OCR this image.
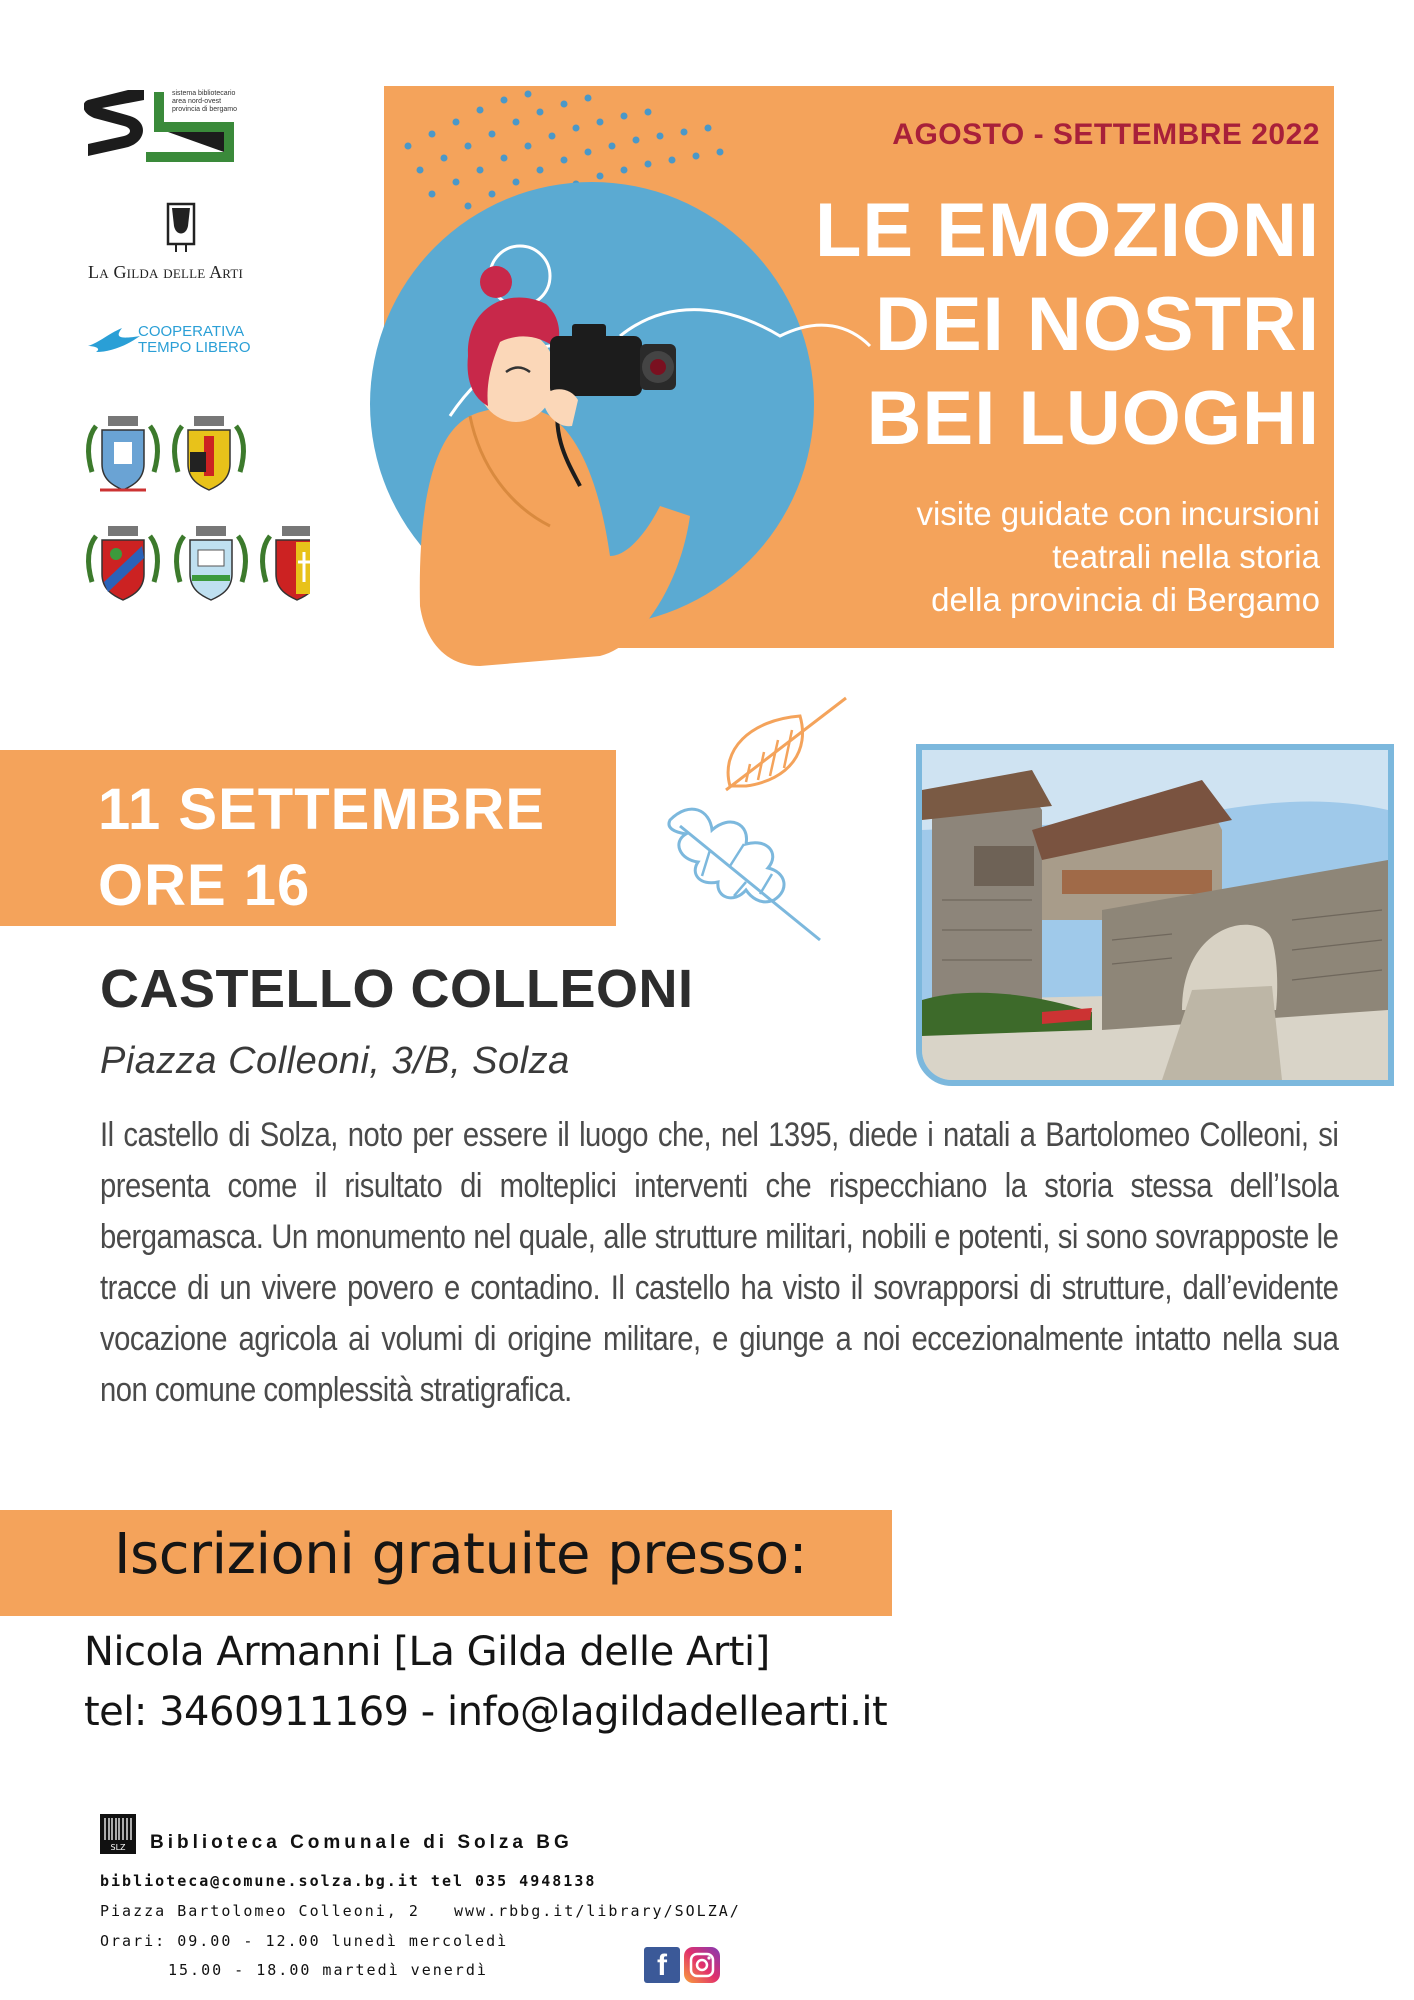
sistema bibliotecario
area nord-ovest
provincia di bergamo
La Gilda delle Arti
COOPERATIVA
TEMPO LIBERO
AGOSTO - SETTEMBRE 2022
LE EMOZIONI
DEI NOSTRI
BEI LUOGHI
visite guidate con incursioni
teatrali nella storia
della provincia di Bergamo
11 SETTEMBRE
ORE 16
CASTELLO COLLEONI
Piazza Colleoni, 3/B, Solza
Il castello di Solza, noto per essere il luogo che, nel 1395, diede i natali a Bartolomeo Colleoni, si presenta come il risultato di molteplici interventi che rispecchiano la storia stessa dell’Isola bergamasca. Un monumento nel quale, alle strutture militari, nobili e potenti, si sono sovrapposte le tracce di un vivere povero e contadino. Il castello ha visto il sovrapporsi di strutture, dall’evidente vocazione agricola ai volumi di origine militare, e giunge a noi eccezionalmente intatto nella sua non comune complessità stratigrafica.
Iscrizioni gratuite presso:
Nicola Armanni [La Gilda delle Arti]
tel: 3460911169 - info@lagildadellearti.it
SLZ Biblioteca Comunale di Solza BG
biblioteca@comune.solza.bg.it tel 035 4948138
Piazza Bartolomeo Colleoni, 2 www.rbbg.it/library/SOLZA/
Orari: 09.00 - 12.00 lunedì mercoledì
15.00 - 18.00 martedì venerdì	f
